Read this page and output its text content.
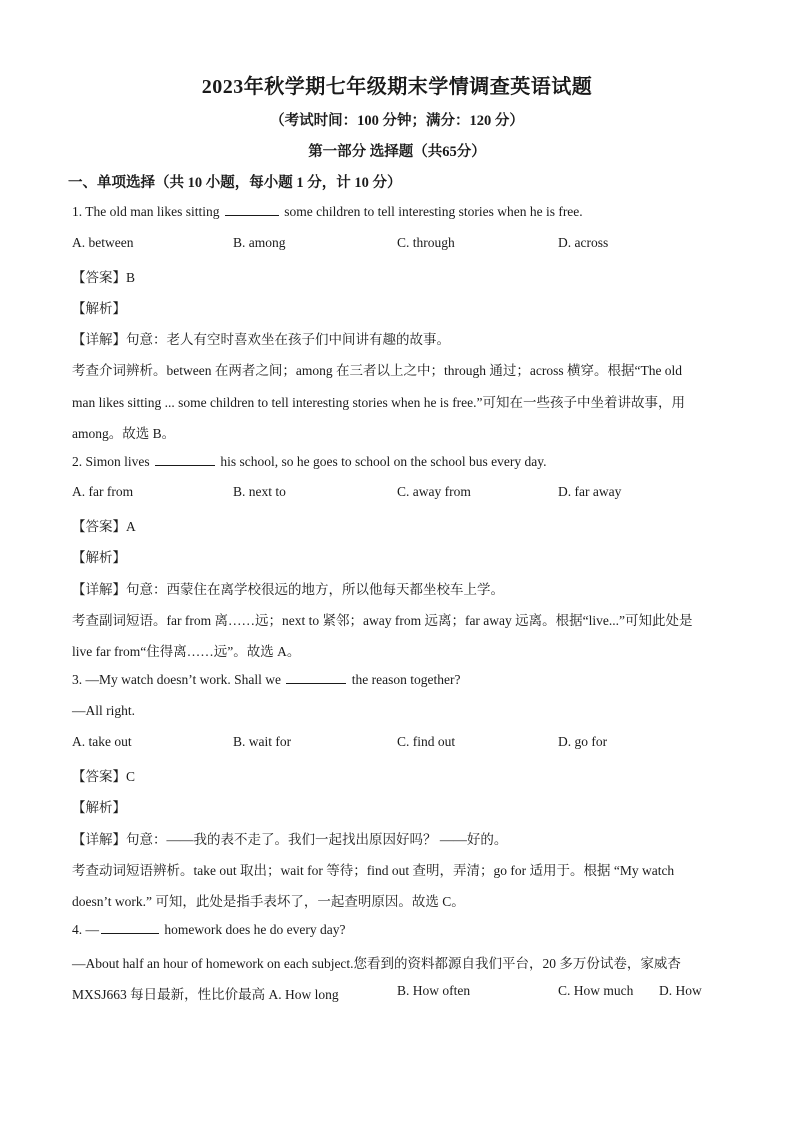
2023年秋学期七年级期末学情调查英语试题
（考试时间：100 分钟；满分：120 分）
第一部分 选择题（共65分）
一、单项选择（共 10 小题，每小题 1 分，计 10 分）
1. The old man likes sitting	some children to tell interesting stories when he is free.
A. between	B. among	C. through	D. across
【答案】B
【解析】
【详解】句意：老人有空时喜欢坐在孩子们中间讲有趣的故事。
考查介词辨析。between 在两者之间；among 在三者以上之中；through 通过；across 横穿。根据“The old
man likes sitting ... some children to tell interesting stories when he is free.”可知在一些孩子中坐着讲故事，用
among。故选 B。
2. Simon lives	his school, so he goes to school on the school bus every day.
A. far from	B. next to	C. away from	D. far away
【答案】A
【解析】
【详解】句意：西蒙住在离学校很远的地方，所以他每天都坐校车上学。
考查副词短语。far from 离……远；next to 紧邻；away from 远离；far away 远离。根据“live...”可知此处是
live far from“住得离……远”。故选 A。
3. —My watch doesn’t work. Shall we	the reason together?
—All right.
A. take out	B. wait for	C. find out	D. go for
【答案】C
【解析】
【详解】句意：——我的表不走了。我们一起找出原因好吗？ ——好的。
考查动词短语辨析。take out 取出；wait for 等待；find out 查明，弄清；go for 适用于。根据 “My watch
doesn’t work.” 可知，此处是指手表坏了，一起查明原因。故选 C。
4. —	homework does he do every day?
—About half an hour of homework on each subject.您看到的资料都源自我们平台，20 多万份试卷，家威杏
MXSJ663 每日最新，性比价最高 A. How long	B. How often	C. How much D. How
